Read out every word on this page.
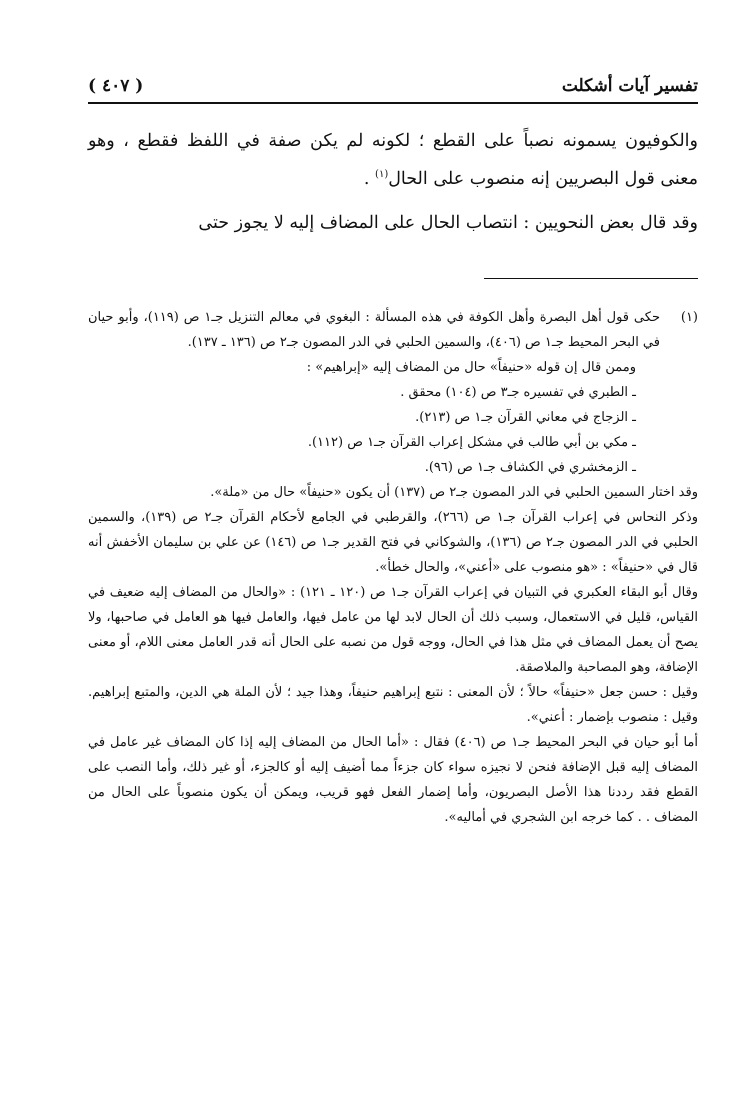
تفسير آيات أشكلت
( ٤٠٧ )

والكوفيون يسمونه نصباً على القطع ؛ لكونه لم يكن صفة في اللفظ فقطع ، وهو معنى قول البصريين إنه منصوب على الحال$^{(١)}$ .

وقد قال بعض النحويين : انتصاب الحال على المضاف إليه لا يجوز حتى

(١)

حكى قول أهل البصرة وأهل الكوفة في هذه المسألة : البغوي في معالم التنزيل جـ١ ص (١١٩)، وأبو حيان في البحر المحيط جـ١ ص (٤٠٦)، والسمين الحلبي في الدر المصون جـ٢ ص (١٣٦ ـ ١٣٧).

وممن قال إن قوله «حنيفاً» حال من المضاف إليه «إبراهيم» :

ـ الطبري في تفسيره جـ٣ ص (١٠٤) محقق .

ـ الزجاج في معاني القرآن جـ١ ص (٢١٣).

ـ مكي بن أبي طالب في مشكل إعراب القرآن جـ١ ص (١١٢).

ـ الزمخشري في الكشاف جـ١ ص (٩٦).

وقد اختار السمين الحلبي في الدر المصون جـ٢ ص (١٣٧) أن يكون «حنيفاً» حال من «ملة».

وذكر النحاس في إعراب القرآن جـ١ ص (٢٦٦)، والقرطبي في الجامع لأحكام القرآن جـ٢ ص (١٣٩)، والسمين الحلبي في الدر المصون جـ٢ ص (١٣٦)، والشوكاني في فتح القدير جـ١ ص (١٤٦) عن علي بن سليمان الأخفش أنه قال في «حنيفاً» : «هو منصوب على «أعني»، والحال خطأ».

وقال أبو البقاء العكبري في التبيان في إعراب القرآن جـ١ ص (١٢٠ ـ ١٢١) : «والحال من المضاف إليه ضعيف في القياس، قليل في الاستعمال، وسبب ذلك أن الحال لابد لها من عامل فيها، والعامل فيها هو العامل في صاحبها، ولا يصح أن يعمل المضاف في مثل هذا في الحال، ووجه قول من نصبه على الحال أنه قدر العامل معنى اللام، أو معنى الإضافة، وهو المصاحبة والملاصقة.

وقيل : حسن جعل «حنيفاً» حالاً ؛ لأن المعنى : نتبع إبراهيم حنيفاً، وهذا جيد ؛ لأن الملة هي الدين، والمتبع إبراهيم. وقيل : منصوب بإضمار : أعني».

أما أبو حيان في البحر المحيط جـ١ ص (٤٠٦) فقال : «أما الحال من المضاف إليه إذا كان المضاف غير عامل في المضاف إليه قبل الإضافة فنحن لا نجيزه سواء كان جزءاً مما أضيف إليه أو كالجزء، أو غير ذلك، وأما النصب على القطع فقد رددنا هذا الأصل البصريون، وأما إضمار الفعل فهو قريب، ويمكن أن يكون منصوباً على الحال من المضاف . . كما خرجه ابن الشجري في أماليه».
